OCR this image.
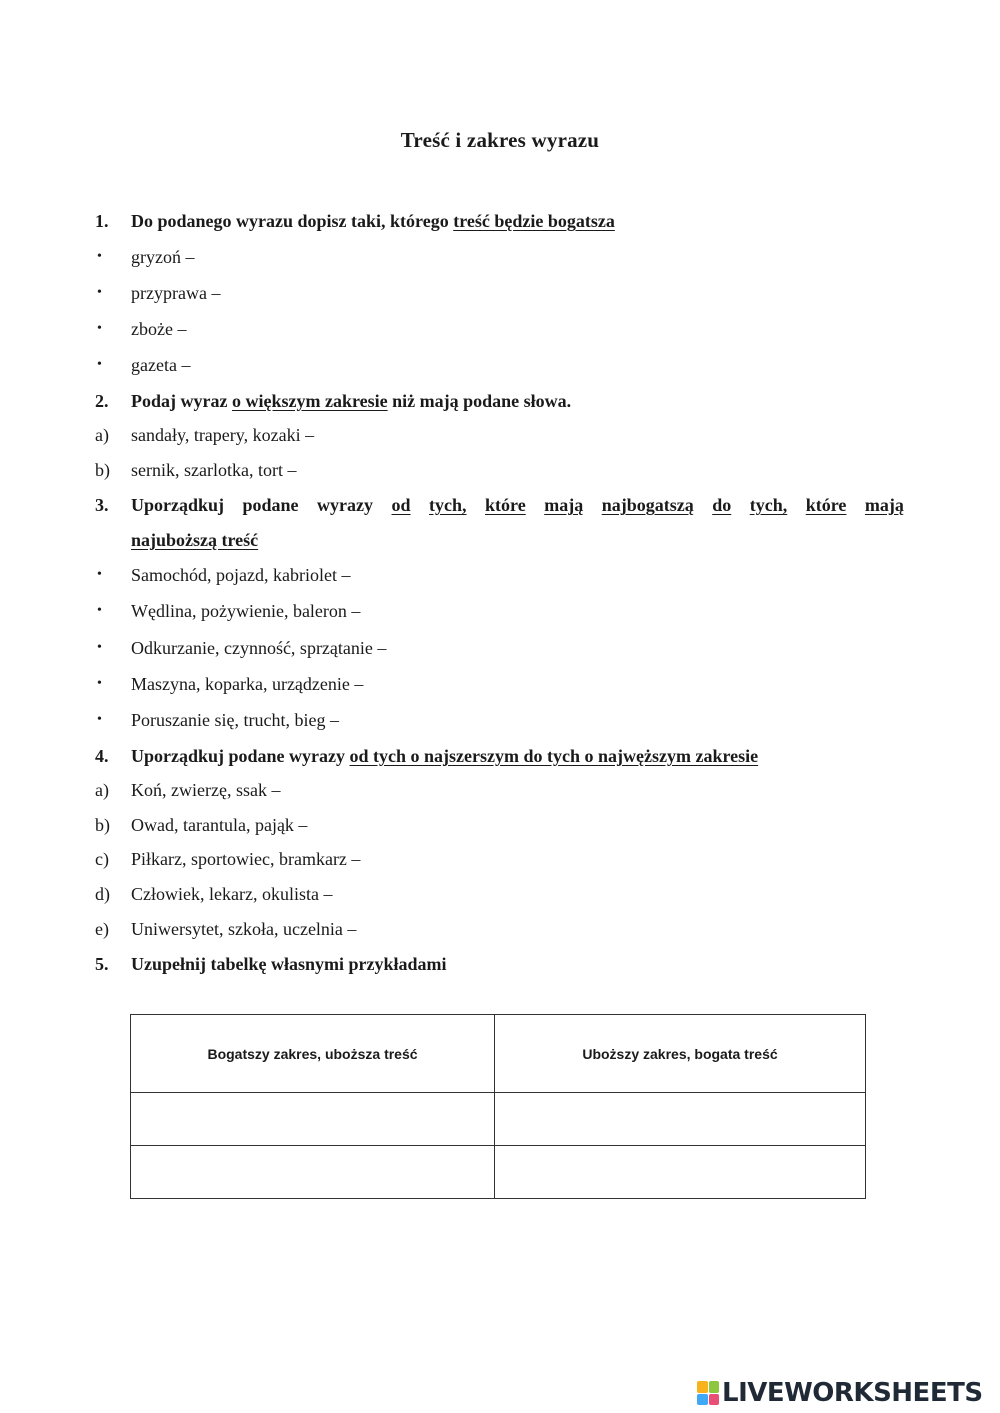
Treść i zakres wyrazu
1.	Do podanego wyrazu dopisz taki, którego treść będzie bogatsza
•	gryzoń –
•	przyprawa –
•	zboże –
•	gazeta –
2.	Podaj wyraz o większym zakresie niż mają podane słowa.
a)	sandały, trapery, kozaki –
b)	sernik, szarlotka, tort –
3.	Uporządkuj podane wyrazy od tych, które mają najbogatszą do tych, które mają
najuboższą treść
•	Samochód, pojazd, kabriolet –
•	Wędlina, pożywienie, baleron –
•	Odkurzanie, czynność, sprzątanie –
•	Maszyna, koparka, urządzenie –
•	Poruszanie się, trucht, bieg –
4.	Uporządkuj podane wyrazy od tych o najszerszym do tych o najwęższym zakresie
a)	Koń, zwierzę, ssak –
b)	Owad, tarantula, pająk –
c)	Piłkarz, sportowiec, bramkarz –
d)	Człowiek, lekarz, okulista –
e)	Uniwersytet, szkoła, uczelnia –
5.	Uzupełnij tabelkę własnymi przykładami
Bogatszy zakres, uboższa treść	Uboższy zakres, bogata treść

LIVEWORKSHEETS
